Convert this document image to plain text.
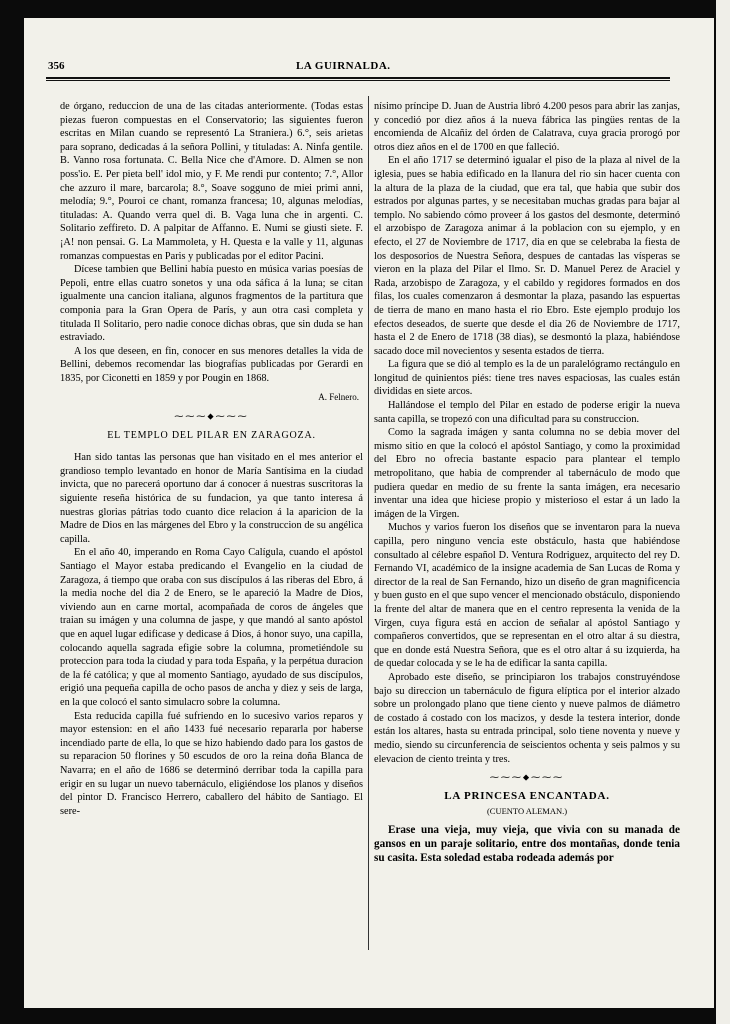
356	LA GUIRNALDA.

de órgano, reduccion de una de las citadas anteriormente. (Todas estas piezas fueron compuestas en el Conservatorio; las siguientes fueron escritas en Milan cuando se representó La Straniera.) 6.°, seis arietas para soprano, dedicadas á la señora Pollini, y tituladas: A. Ninfa gentile. B. Vanno rosa fortunata. C. Bella Nice che d'Amore. D. Almen se non poss'io. E. Per pieta bell' idol mio, y F. Me rendi pur contento; 7.°, Allor che azzuro il mare, barcarola; 8.°, Soave sogguno de miei primi anni, melodía; 9.°, Pouroi ce chant, romanza francesa; 10, algunas melodías, tituladas: A. Quando verra quel di. B. Vaga luna che in argenti. C. Solitario zeffireto. D. A palpitar de Affanno. E. Numi se giusti siete. F. ¡A! non pensai. G. La Mammoleta, y H. Questa e la valle y 11, algunas romanzas compuestas en Paris y publicadas por el editor Pacini.

Dícese tambien que Bellini había puesto en música varias poesías de Pepoli, entre ellas cuatro sonetos y una oda sáfica á la luna; se citan igualmente una cancion italiana, algunos fragmentos de la partitura que componia para la Gran Opera de París, y aun otra casi completa y titulada Il Solitario, pero nadie conoce dichas obras, que sin duda se han estraviado.

A los que deseen, en fin, conocer en sus menores detalles la vida de Bellini, debemos recomendar las biografías publicadas por Gerardi en 1835, por Ciconetti en 1859 y por Pougin en 1868.

A. Felnero.
⁓⁓⁓⬥⁓⁓⁓
EL TEMPLO DEL PILAR EN ZARAGOZA.

Han sido tantas las personas que han visitado en el mes anterior el grandioso templo levantado en honor de María Santísima en la ciudad invicta, que no parecerá oportuno dar á conocer á nuestras suscritoras la siguiente reseña histórica de su fundacion, ya que tanto interesa á nuestras glorias pátrias todo cuanto dice relacion á la aparicion de la Madre de Dios en las márgenes del Ebro y la construccion de su angélica capilla.

En el año 40, imperando en Roma Cayo Calígula, cuando el apóstol Santiago el Mayor estaba predicando el Evangelio en la ciudad de Zaragoza, á tiempo que oraba con sus discípulos á las riberas del Ebro, á la media noche del dia 2 de Enero, se le apareció la Madre de Dios, viviendo aun en carne mortal, acompañada de coros de ángeles que traian su imágen y una columna de jaspe, y que mandó al santo apóstol que en aquel lugar edificase y dedicase á Dios, á honor suyo, una capilla, colocando aquella sagrada efigie sobre la columna, prometiéndole su proteccion para toda la ciudad y para toda España, y la perpétua duracion de la fé católica; y que al momento Santiago, ayudado de sus discípulos, erigió una pequeña capilla de ocho pasos de ancha y diez y seis de larga, en la que colocó el santo simulacro sobre la columna.

Esta reducida capilla fué sufriendo en lo sucesivo varios reparos y mayor estension: en el año 1433 fué necesario repararla por haberse incendiado parte de ella, lo que se hizo habiendo dado para los gastos de su reparacion 50 florines y 50 escudos de oro la reina doña Blanca de Navarra; en el año de 1686 se determinó derribar toda la capilla para erigir en su lugar un nuevo tabernáculo, eligiéndose los planos y diseños del pintor D. Francisco Herrero, caballero del hábito de Santiago. El sere-

nísimo príncipe D. Juan de Austria libró 4.200 pesos para abrir las zanjas, y concedió por diez años á la nueva fábrica las pingües rentas de la encomienda de Alcañiz del órden de Calatrava, cuya gracia prorogó por otros diez años en el de 1700 en que falleció.

En el año 1717 se determinó igualar el piso de la plaza al nivel de la iglesia, pues se habia edificado en la llanura del rio sin hacer cuenta con la altura de la plaza de la ciudad, que era tal, que habia que subir dos estrados por algunas partes, y se necesitaban muchas gradas para bajar al templo. No sabiendo cómo proveer á los gastos del desmonte, determinó el arzobispo de Zaragoza animar á la poblacion con su ejemplo, y en efecto, el 27 de Noviembre de 1717, dia en que se celebraba la fiesta de los desposorios de Nuestra Señora, despues de cantadas las vísperas se vieron en la plaza del Pilar el Ilmo. Sr. D. Manuel Perez de Araciel y Rada, arzobispo de Zaragoza, y el cabildo y regidores formados en dos filas, los cuales comenzaron á desmontar la plaza, pasando las espuertas de tierra de mano en mano hasta el rio Ebro. Este ejemplo produjo los efectos deseados, de suerte que desde el dia 26 de Noviembre de 1717, hasta el 2 de Enero de 1718 (38 dias), se desmontó la plaza, habiéndose sacado doce mil novecientos y sesenta estados de tierra.

La figura que se dió al templo es la de un paralelógramo rectángulo en longitud de quinientos piés: tiene tres naves espaciosas, las cuales están divididas en siete arcos.

Hallándose el templo del Pilar en estado de poderse erigir la nueva santa capilla, se tropezó con una dificultad para su construccion.

Como la sagrada imágen y santa columna no se debia mover del mismo sitio en que la colocó el apóstol Santiago, y como la proximidad del Ebro no ofrecia bastante espacio para plantear el templo metropolitano, que habia de comprender al tabernáculo de modo que pudiera quedar en medio de su frente la santa imágen, era necesario inventar una idea que hiciese propio y misterioso el estar á un lado la imágen de la Virgen.

Muchos y varios fueron los diseños que se inventaron para la nueva capilla, pero ninguno vencia este obstáculo, hasta que habiéndose consultado al célebre español D. Ventura Rodriguez, arquitecto del rey D. Fernando VI, académico de la insigne academia de San Lucas de Roma y director de la real de San Fernando, hizo un diseño de gran magnificencia y buen gusto en el que supo vencer el mencionado obstáculo, disponiendo la frente del altar de manera que en el centro representa la venida de la Virgen, cuya figura está en accion de señalar al apóstol Santiago y compañeros convertidos, que se representan en el otro altar á su diestra, que en donde está Nuestra Señora, que es el otro altar á su izquierda, ha de quedar colocada y se le ha de edificar la santa capilla.

Aprobado este diseño, se principiaron los trabajos construyéndose bajo su direccion un tabernáculo de figura elíptica por el interior alzado sobre un prolongado plano que tiene ciento y nueve palmos de diámetro de costado á costado con los macizos, y desde la testera interior, donde están los altares, hasta su entrada principal, solo tiene noventa y nueve y medio, siendo su circunferencia de seiscientos ochenta y seis palmos y su elevacion de ciento treinta y tres.

⁓⁓⁓⬥⁓⁓⁓
LA PRINCESA ENCANTADA.
(CUENTO ALEMAN.)

Erase una vieja, muy vieja, que vivia con su manada de gansos en un paraje solitario, entre dos montañas, donde tenia su casita. Esta soledad estaba rodeada además por
